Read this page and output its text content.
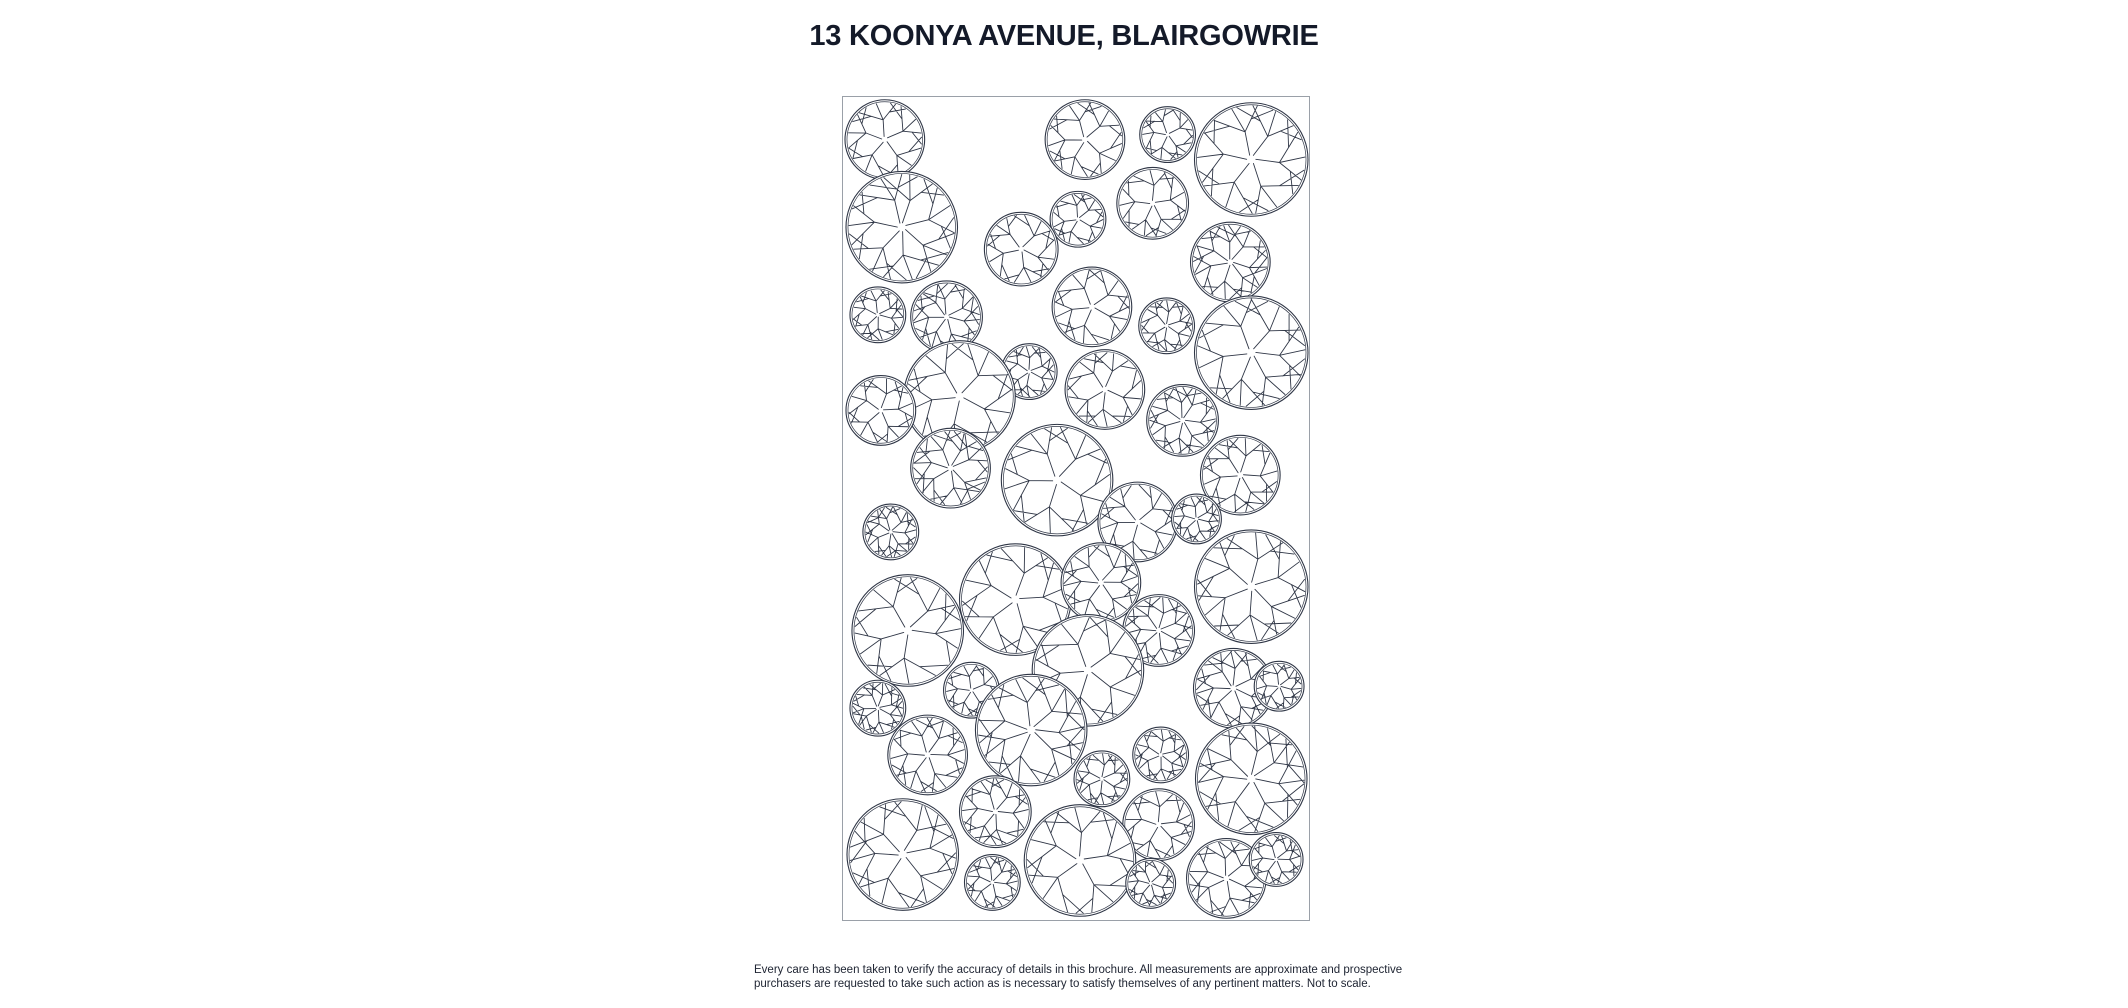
13 KOONYA AVENUE, BLAIRGOWRIE

Every care has been taken to verify the accuracy of details in this brochure. All measurements are approximate and prospective
purchasers are requested to take such action as is necessary to satisfy themselves of any pertinent matters. Not to scale.
